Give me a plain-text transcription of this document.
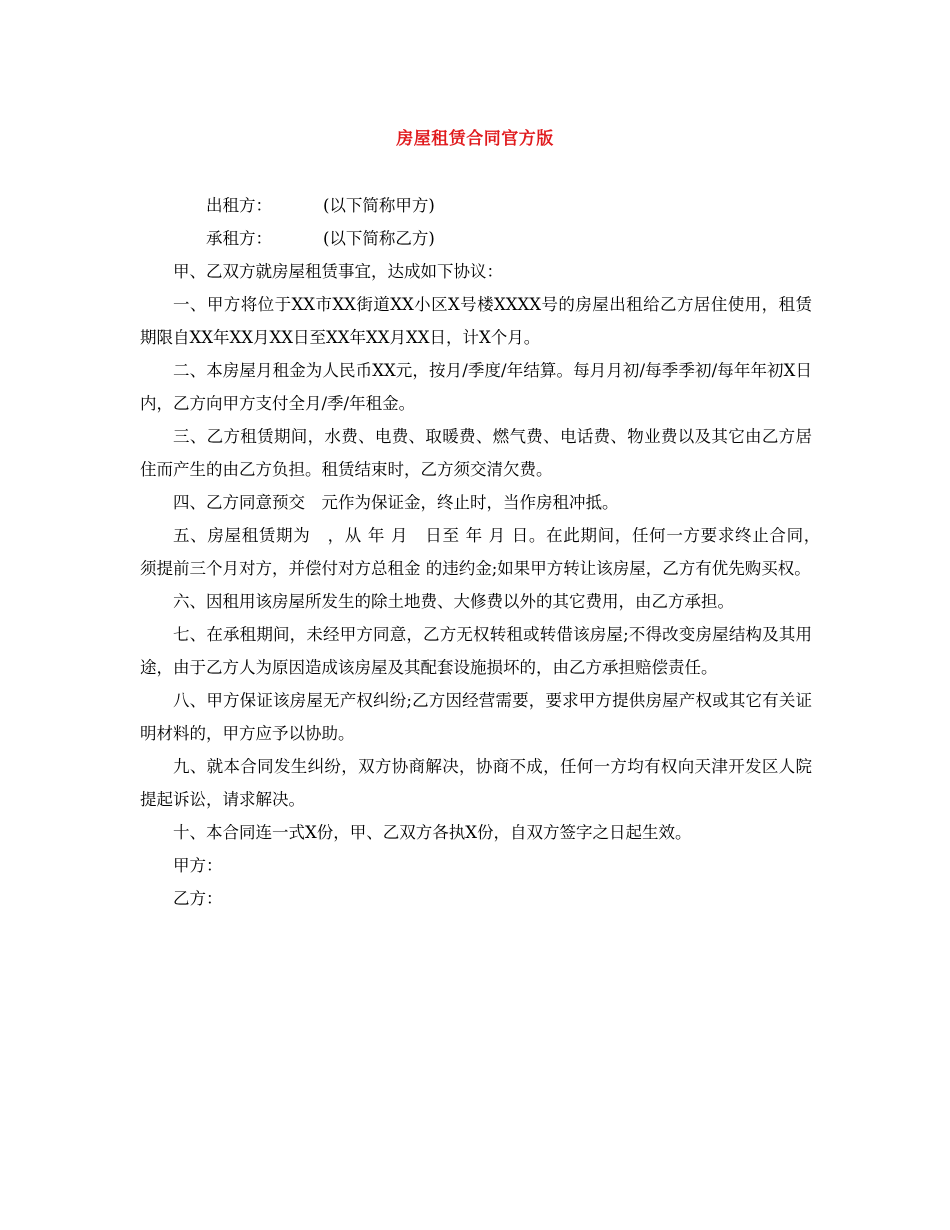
房屋租赁合同官方版

出租方：	(以下简称甲方)

承租方：	(以下简称乙方)

甲、乙双方就房屋租赁事宜，达成如下协议：

一、甲方将位于XX市XX街道XX小区X号楼XXXX号的房屋出租给乙方居住使用，租赁期限自XX年XX月XX日至XX年XX月XX日，计X个月。

二、本房屋月租金为人民币XX元，按月/季度/年结算。每月月初/每季季初/每年年初X日内，乙方向甲方支付全月/季/年租金。

三、乙方租赁期间，水费、电费、取暖费、燃气费、电话费、物业费以及其它由乙方居住而产生的由乙方负担。租赁结束时，乙方须交清欠费。

四、乙方同意预交　元作为保证金，终止时，当作房租冲抵。

五、房屋租赁期为　，从 年 月　日至 年 月 日。在此期间，任何一方要求终止合同，　须提前三个月对方，并偿付对方总租金 的违约金;如果甲方转让该房屋，乙方有优先购买权。

六、因租用该房屋所发生的除土地费、大修费以外的其它费用，由乙方承担。

七、在承租期间，未经甲方同意，乙方无权转租或转借该房屋;不得改变房屋结构及其用途，由于乙方人为原因造成该房屋及其配套设施损坏的，由乙方承担赔偿责任。

八、甲方保证该房屋无产权纠纷;乙方因经营需要，要求甲方提供房屋产权或其它有关证明材料的，甲方应予以协助。

九、就本合同发生纠纷，双方协商解决，协商不成，任何一方均有权向天津开发区人院提起诉讼，请求解决。

十、本合同连一式X份，甲、乙双方各执X份，自双方签字之日起生效。

甲方：

乙方：
